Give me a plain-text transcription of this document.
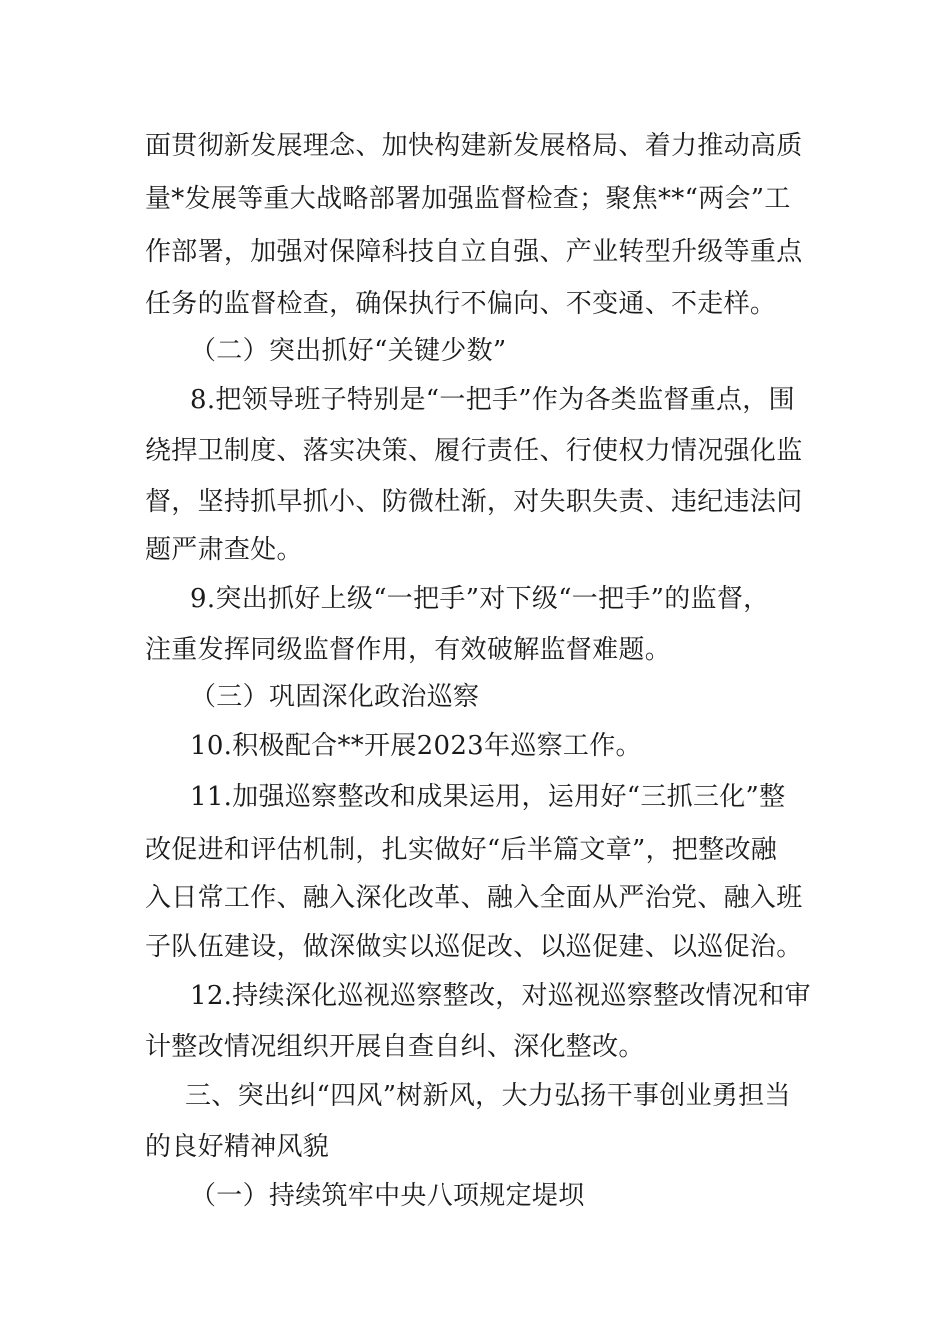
面贯彻新发展理念、加快构建新发展格局、着力推动高质
量*发展等重大战略部署加强监督检查；聚焦**“两会”工
作部署，加强对保障科技自立自强、产业转型升级等重点
任务的监督检查，确保执行不偏向、不变通、不走样。
（二）突出抓好“关键少数”
8.把领导班子特别是“一把手”作为各类监督重点，围
绕捍卫制度、落实决策、履行责任、行使权力情况强化监
督，坚持抓早抓小、防微杜渐，对失职失责、违纪违法问
题严肃查处。
9.突出抓好上级“一把手”对下级“一把手”的监督，
注重发挥同级监督作用，有效破解监督难题。
（三）巩固深化政治巡察
10.积极配合**开展2023年巡察工作。
11.加强巡察整改和成果运用，运用好“三抓三化”整
改促进和评估机制，扎实做好“后半篇文章”，把整改融
入日常工作、融入深化改革、融入全面从严治党、融入班
子队伍建设，做深做实以巡促改、以巡促建、以巡促治。
12.持续深化巡视巡察整改，对巡视巡察整改情况和审
计整改情况组织开展自查自纠、深化整改。
三、突出纠“四风”树新风，大力弘扬干事创业勇担当
的良好精神风貌
（一）持续筑牢中央八项规定堤坝
